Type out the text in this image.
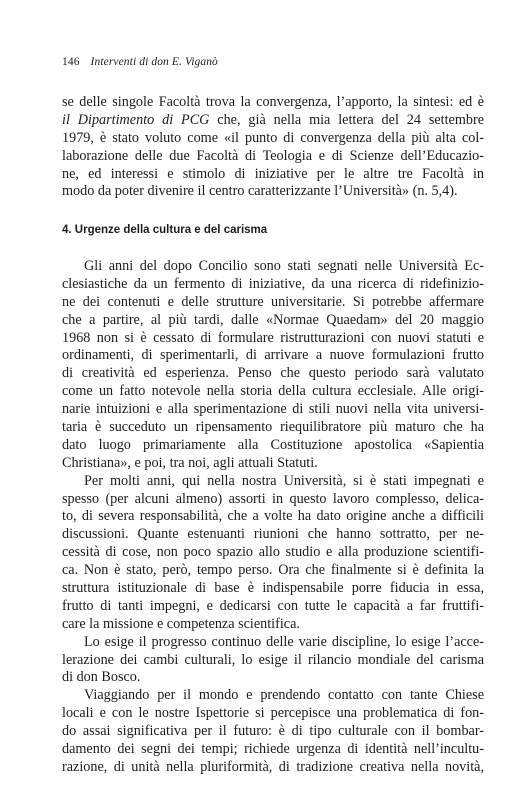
146 Interventi di don E. Viganò
se delle singole Facoltà trova la convergenza, l’apporto, la sintesi: ed è
il Dipartimento di PCG che, già nella mia lettera del 24 settembre
1979, è stato voluto come «il punto di convergenza della più alta col-
laborazione delle due Facoltà di Teologia e di Scienze dell’Educazio-
ne, ed interessi e stimolo di iniziative per le altre tre Facoltà in
modo da poter divenire il centro caratterizzante l’Università» (n. 5,4).
4. Urgenze della cultura e del carisma
Gli anni del dopo Concilio sono stati segnati nelle Università Ec-
clesiastiche da un fermento di iniziative, da una ricerca di ridefinizio-
ne dei contenuti e delle strutture universitarie. Si potrebbe affermare
che a partire, al più tardi, dalle «Normae Quaedam» del 20 maggio
1968 non si è cessato di formulare ristrutturazioni con nuovi statuti e
ordinamenti, di sperimentarli, di arrivare a nuove formulazioni frutto
di creatività ed esperienza. Penso che questo periodo sarà valutato
come un fatto notevole nella storia della cultura ecclesiale. Alle origi-
narie intuizioni e alla sperimentazione di stili nuovi nella vita universi-
taria è succeduto un ripensamento riequilibratore più maturo che ha
dato luogo primariamente alla Costituzione apostolica «Sapientia
Christiana», e poi, tra noi, agli attuali Statuti.
Per molti anni, qui nella nostra Università, si è stati impegnati e
spesso (per alcuni almeno) assorti in questo lavoro complesso, delica-
to, di severa responsabilità, che a volte ha dato origine anche a difficili
discussioni. Quante estenuanti riunioni che hanno sottratto, per ne-
cessità di cose, non poco spazio allo studio e alla produzione scientifi-
ca. Non è stato, però, tempo perso. Ora che finalmente si è definita la
struttura istituzionale di base è indispensabile porre fiducia in essa,
frutto di tanti impegni, e dedicarsi con tutte le capacità a far fruttifi-
care la missione e competenza scientifica.
Lo esige il progresso continuo delle varie discipline, lo esige l’acce-
lerazione dei cambi culturali, lo esige il rilancio mondiale del carisma
di don Bosco.
Viaggiando per il mondo e prendendo contatto con tante Chiese
locali e con le nostre Ispettorie si percepisce una problematica di fon-
do assai significativa per il futuro: è di tipo culturale con il bombar-
damento dei segni dei tempi; richiede urgenza di identità nell’incultu-
razione, di unità nella pluriformità, di tradizione creativa nella novità,
